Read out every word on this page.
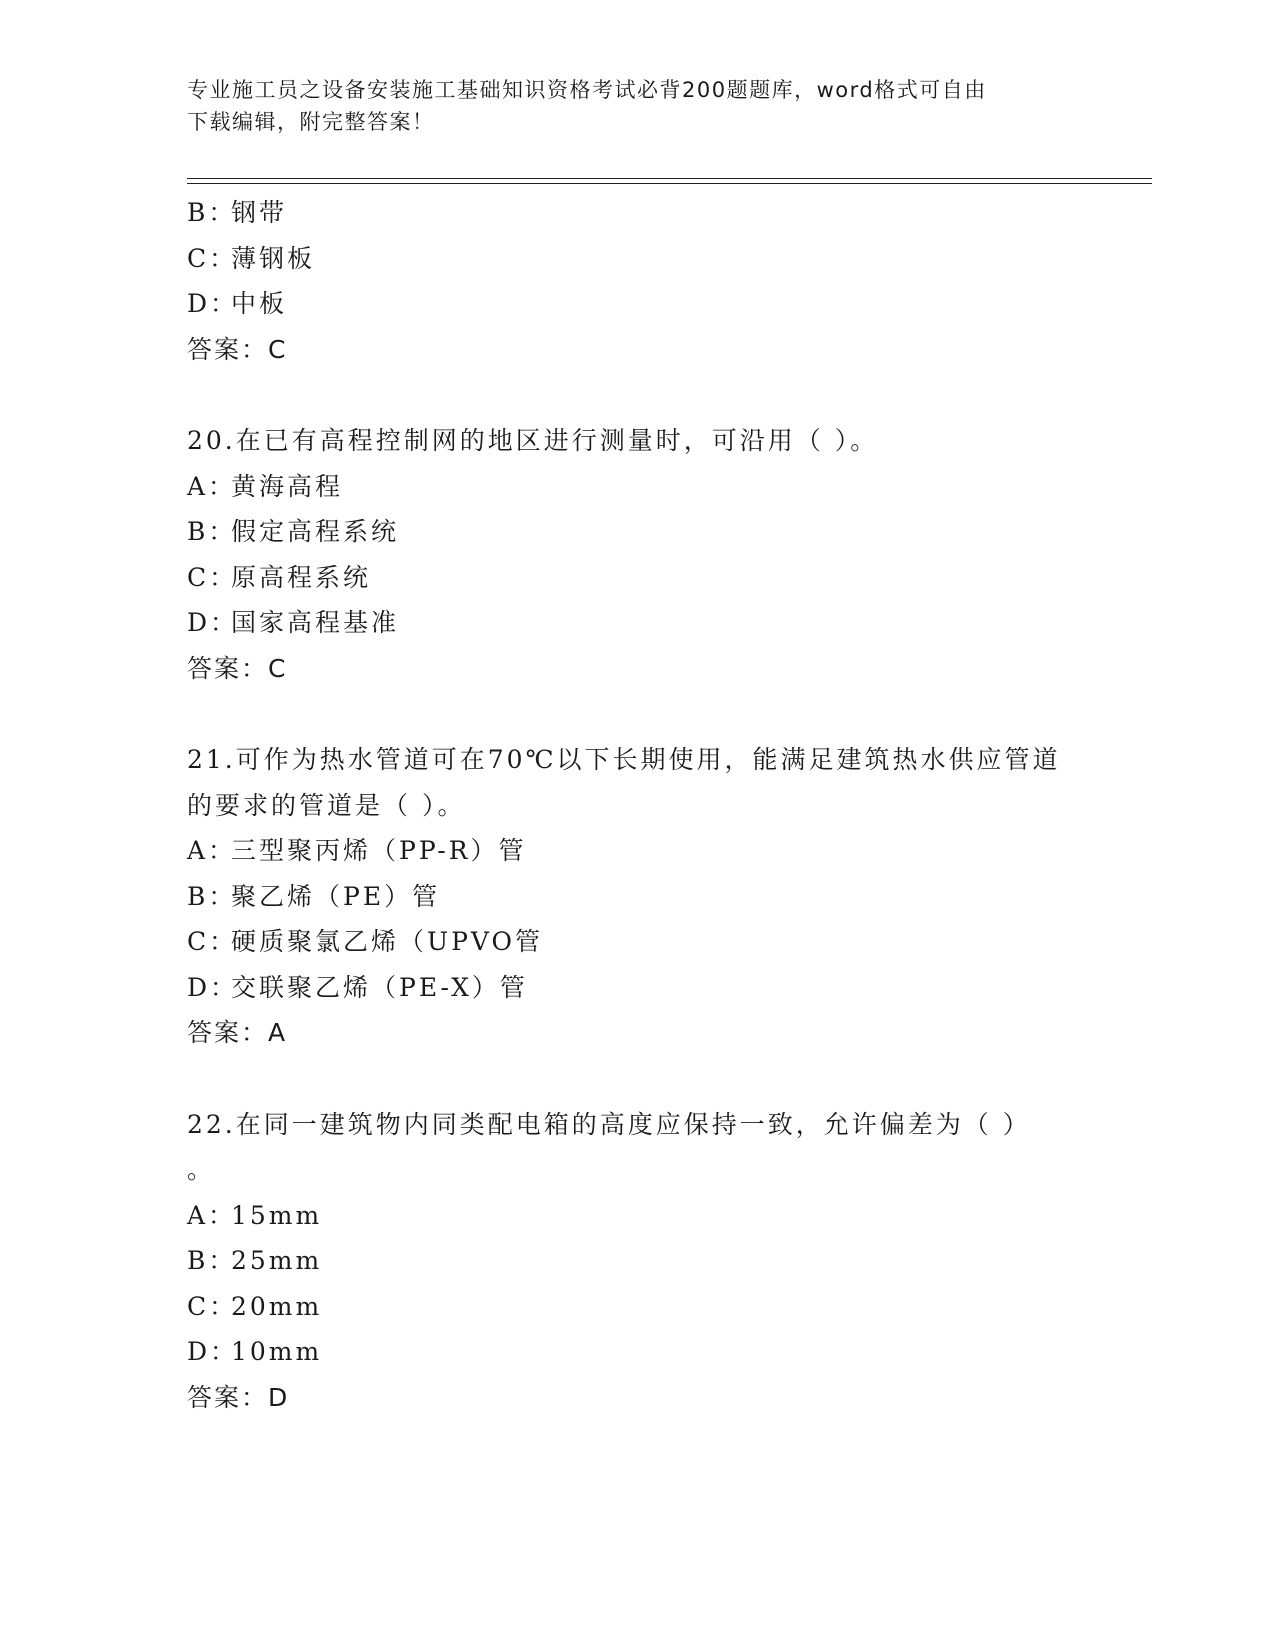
专业施工员之设备安装施工基础知识资格考试必背200题题库，word格式可自由
下载编辑，附完整答案！
B：钢带
C：薄钢板
D：中板
答案：C
20.在已有高程控制网的地区进行测量时，可沿用（ ）。
A：黄海高程
B：假定高程系统
C：原高程系统
D：国家高程基准
答案：C
21.可作为热水管道可在70℃以下长期使用，能满足建筑热水供应管道
的要求的管道是（ ）。
A：三型聚丙烯（PP-R）管
B：聚乙烯（PE）管
C：硬质聚氯乙烯（UPVO管
D：交联聚乙烯（PE-X）管
答案：A
22.在同一建筑物内同类配电箱的高度应保持一致，允许偏差为（ ）
。
A：15mm
B：25mm
C：20mm
D：10mm
答案：D
